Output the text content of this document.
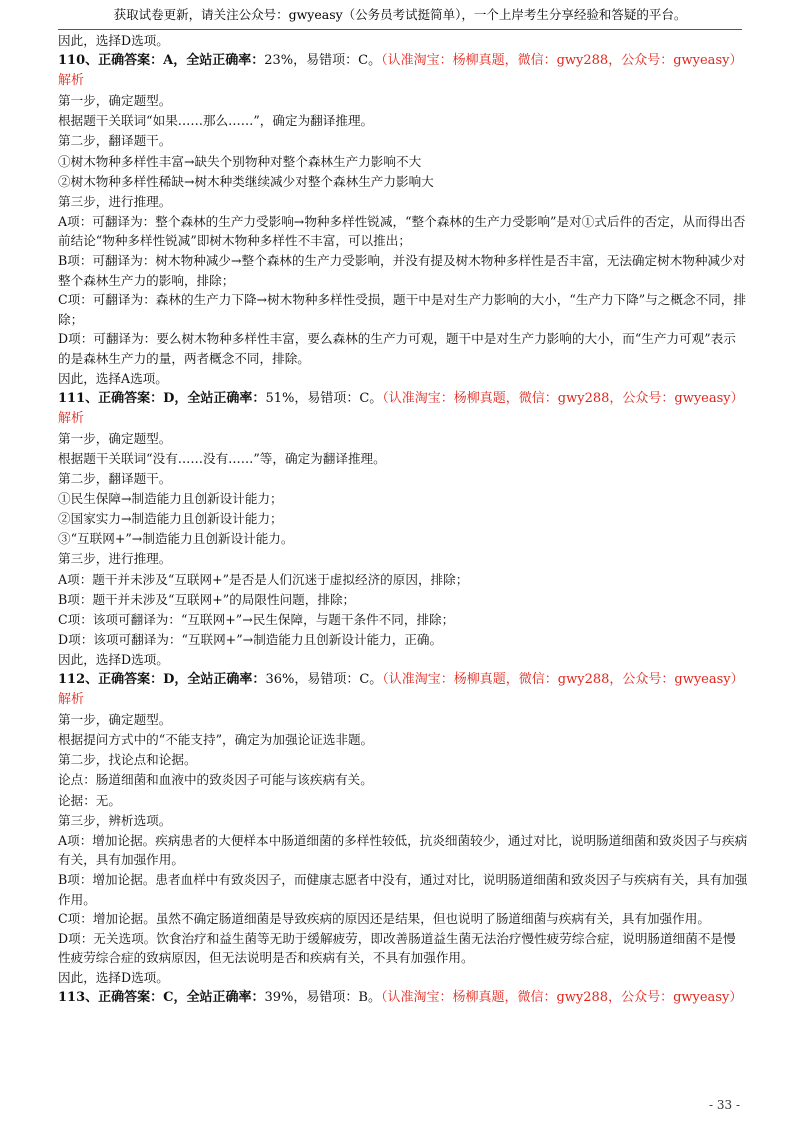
获取试卷更新，请关注公众号：gwyeasy（公务员考试挺简单），一个上岸考生分享经验和答疑的平台。
因此，选择D选项。
110、正确答案：A，全站正确率：23%，易错项：C。（认准淘宝：杨柳真题，微信：gwy288，公众号：gwyeasy）
解析
第一步，确定题型。
根据题干关联词“如果……那么……”，确定为翻译推理。
第二步，翻译题干。
①树木物种多样性丰富→缺失个别物种对整个森林生产力影响不大
②树木物种多样性稀缺→树木种类继续减少对整个森林生产力影响大
第三步，进行推理。
A项：可翻译为：整个森林的生产力受影响→物种多样性锐减，“整个森林的生产力受影响”是对①式后件的否定，从而得出否前结论“物种多样性锐减”即树木物种多样性不丰富，可以推出；
B项：可翻译为：树木物种减少→整个森林的生产力受影响，并没有提及树木物种多样性是否丰富，无法确定树木物种减少对整个森林生产力的影响，排除；
C项：可翻译为：森林的生产力下降→树木物种多样性受损，题干中是对生产力影响的大小，“生产力下降”与之概念不同，排除；
D项：可翻译为：要么树木物种多样性丰富，要么森林的生产力可观，题干中是对生产力影响的大小，而“生产力可观”表示的是森林生产力的量，两者概念不同，排除。
因此，选择A选项。
111、正确答案：D，全站正确率：51%，易错项：C。（认准淘宝：杨柳真题，微信：gwy288，公众号：gwyeasy）
解析
第一步，确定题型。
根据题干关联词“没有……没有……”等，确定为翻译推理。
第二步，翻译题干。
①民生保障→制造能力且创新设计能力；
②国家实力→制造能力且创新设计能力；
③“互联网+”→制造能力且创新设计能力。
第三步，进行推理。
A项：题干并未涉及“互联网+”是否是人们沉迷于虚拟经济的原因，排除；
B项：题干并未涉及“互联网+”的局限性问题，排除；
C项：该项可翻译为：“互联网+”→民生保障，与题干条件不同，排除；
D项：该项可翻译为：“互联网+”→制造能力且创新设计能力，正确。
因此，选择D选项。
112、正确答案：D，全站正确率：36%，易错项：C。（认准淘宝：杨柳真题，微信：gwy288，公众号：gwyeasy）
解析
第一步，确定题型。
根据提问方式中的“不能支持”，确定为加强论证选非题。
第二步，找论点和论据。
论点：肠道细菌和血液中的致炎因子可能与该疾病有关。
论据：无。
第三步，辨析选项。
A项：增加论据。疾病患者的大便样本中肠道细菌的多样性较低，抗炎细菌较少，通过对比，说明肠道细菌和致炎因子与疾病有关，具有加强作用。
B项：增加论据。患者血样中有致炎因子，而健康志愿者中没有，通过对比，说明肠道细菌和致炎因子与疾病有关，具有加强作用。
C项：增加论据。虽然不确定肠道细菌是导致疾病的原因还是结果，但也说明了肠道细菌与疾病有关，具有加强作用。
D项：无关选项。饮食治疗和益生菌等无助于缓解疲劳，即改善肠道益生菌无法治疗慢性疲劳综合症，说明肠道细菌不是慢性疲劳综合症的致病原因，但无法说明是否和疾病有关，不具有加强作用。
因此，选择D选项。
113、正确答案：C，全站正确率：39%，易错项：B。（认准淘宝：杨柳真题，微信：gwy288，公众号：gwyeasy）
- 33 -
